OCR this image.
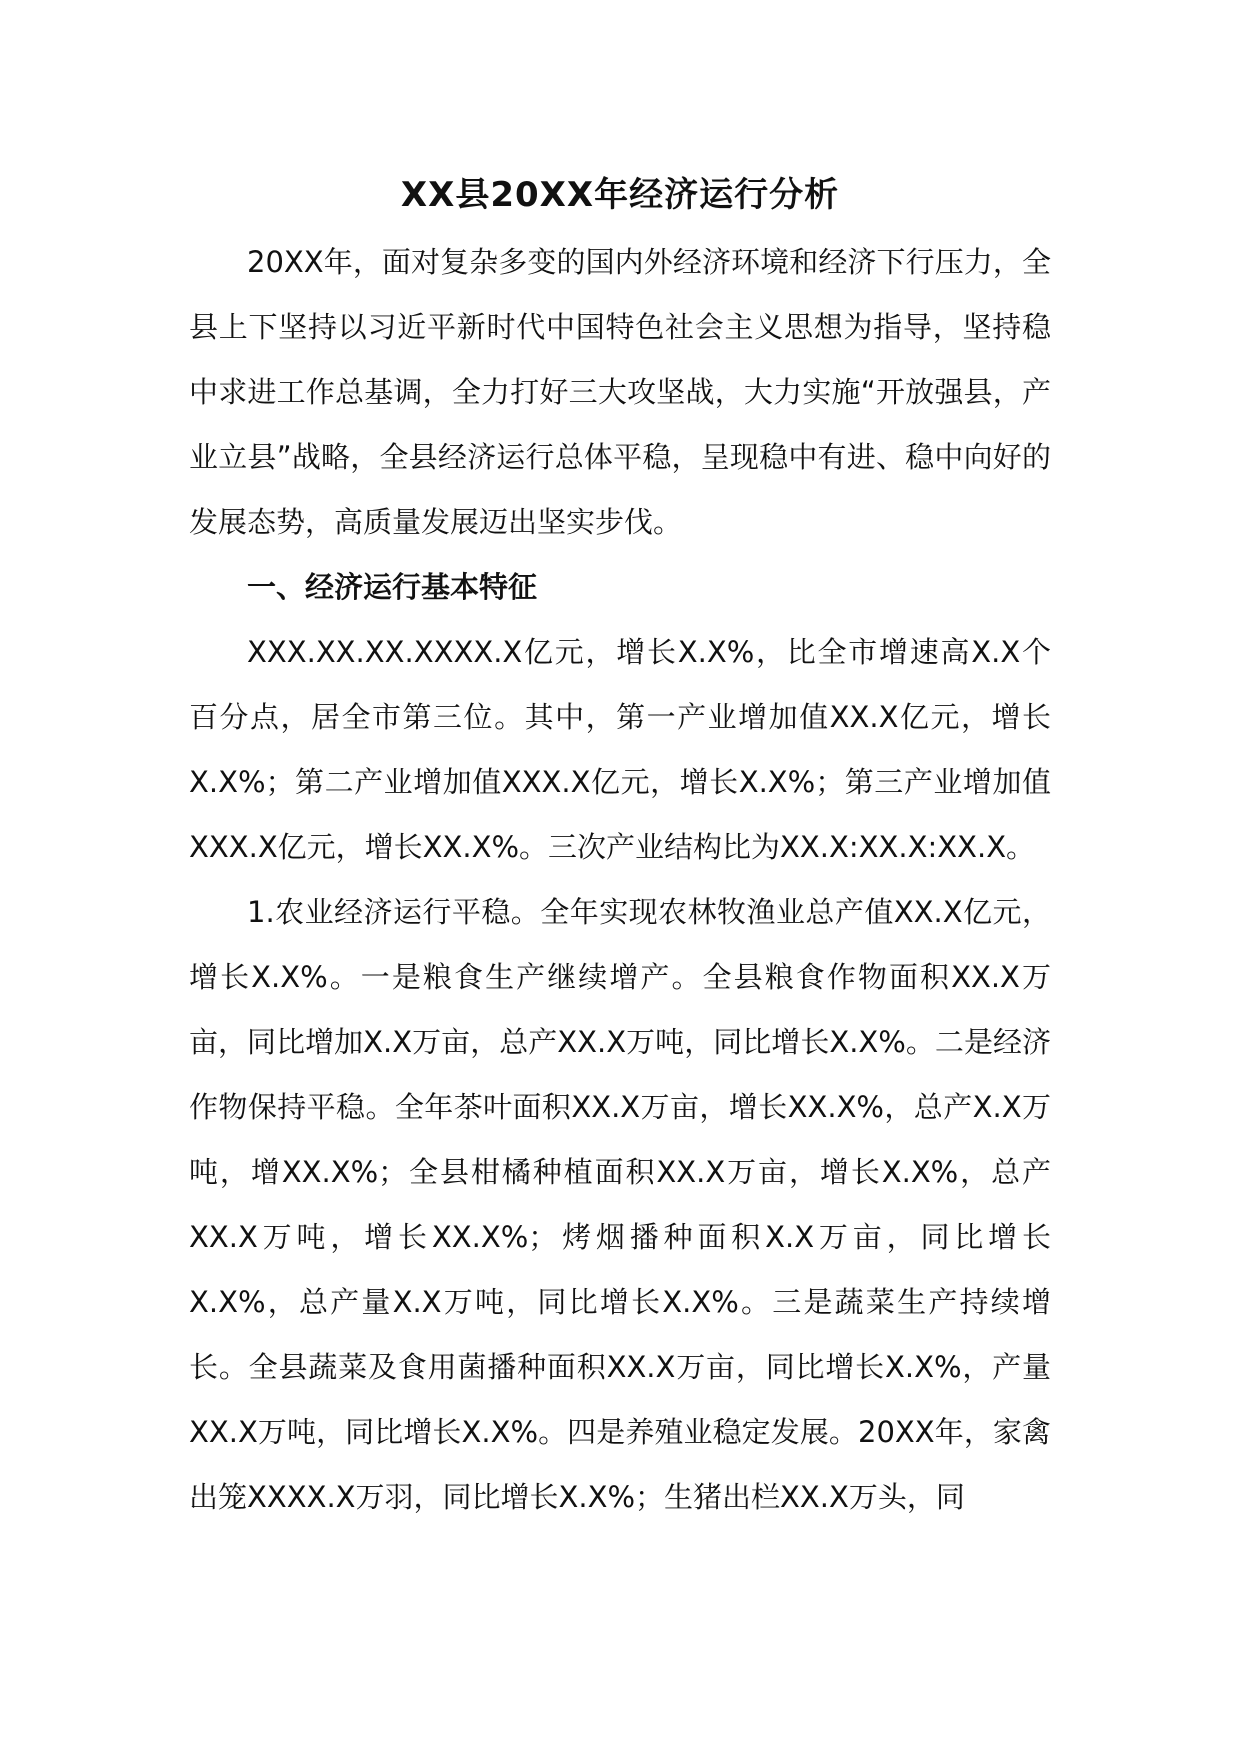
XX县20XX年经济运行分析

20XX年，面对复杂多变的国内外经济环境和经济下行压力，全县上下坚持以习近平新时代中国特色社会主义思想为指导，坚持稳中求进工作总基调，全力打好三大攻坚战，大力实施“开放强县，产业立县”战略，全县经济运行总体平稳，呈现稳中有进、稳中向好的发展态势，高质量发展迈出坚实步伐。

一、经济运行基本特征

XXX.XX.XX.XXXX.X亿元，增长X.X%，比全市增速高X.X个百分点，居全市第三位。其中，第一产业增加值XX.X亿元，增长X.X%；第二产业增加值XXX.X亿元，增长X.X%；第三产业增加值XXX.X亿元，增长XX.X%。三次产业结构比为XX.X:XX.X:XX.X。

1.农业经济运行平稳。全年实现农林牧渔业总产值XX.X亿元，增长X.X%。一是粮食生产继续增产。全县粮食作物面积XX.X万亩，同比增加X.X万亩，总产XX.X万吨，同比增长X.X%。二是经济作物保持平稳。全年茶叶面积XX.X万亩，增长XX.X%，总产X.X万吨，增XX.X%；全县柑橘种植面积XX.X万亩，增长X.X%，总产XX.X万吨，增长XX.X%；烤烟播种面积X.X万亩，同比增长X.X%，总产量X.X万吨，同比增长X.X%。三是蔬菜生产持续增长。全县蔬菜及食用菌播种面积XX.X万亩，同比增长X.X%，产量XX.X万吨，同比增长X.X%。四是养殖业稳定发展。20XX年，家禽出笼XXXX.X万羽，同比增长X.X%；生猪出栏XX.X万头，同
